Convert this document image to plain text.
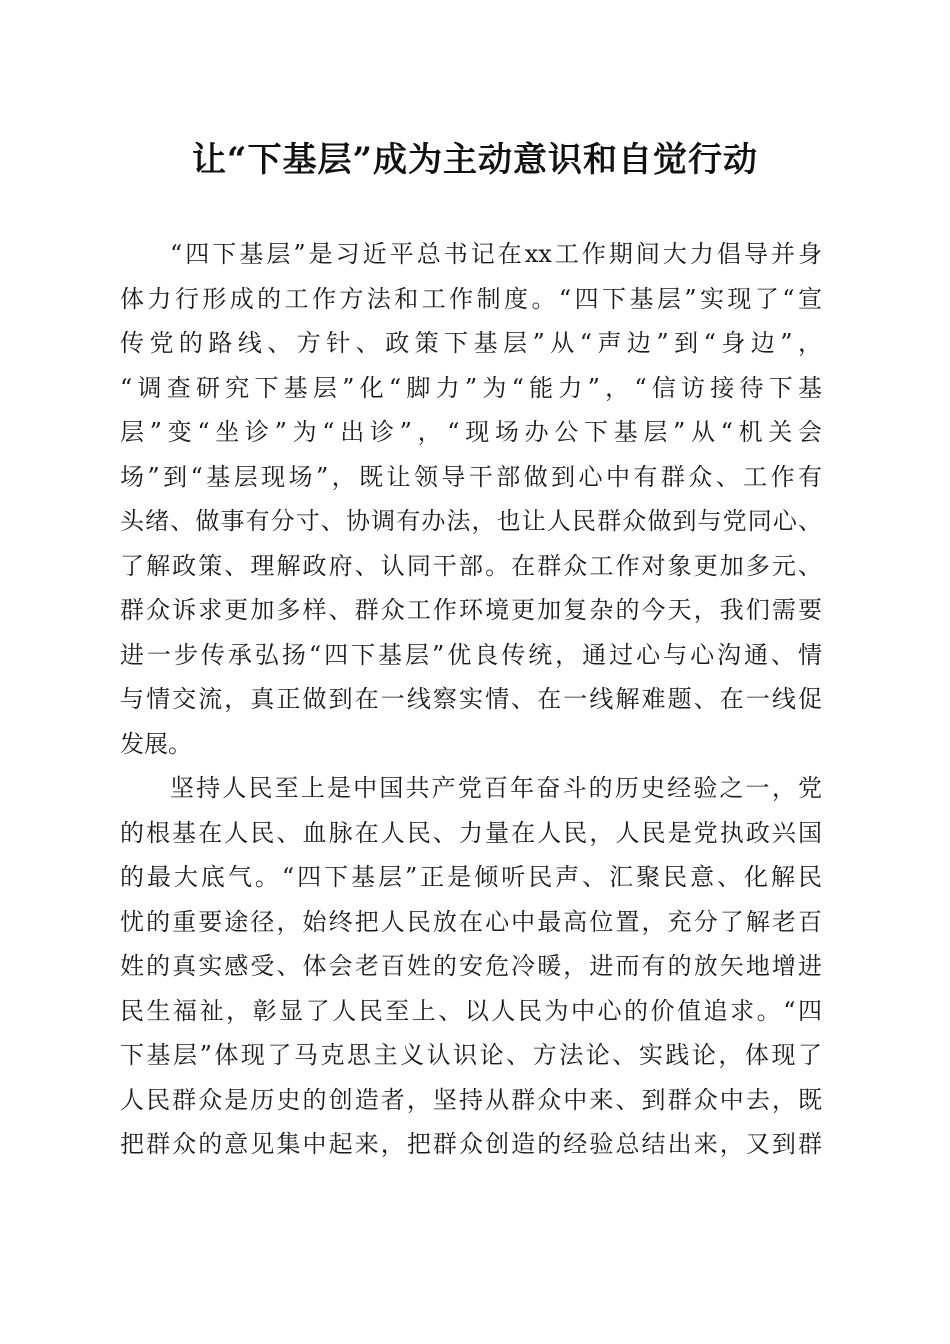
让“下基层”成为主动意识和自觉行动
“四下基层”是习近平总书记在xx工作期间大力倡导并身
体力行形成的工作方法和工作制度。“四下基层”实现了“宣
传党的路线、方针、政策下基层”从“声边”到“身边”，
“调查研究下基层”化“脚力”为“能力”，“信访接待下基
层”变“坐诊”为“出诊”，“现场办公下基层”从“机关会
场”到“基层现场”，既让领导干部做到心中有群众、工作有
头绪、做事有分寸、协调有办法，也让人民群众做到与党同心、
了解政策、理解政府、认同干部。在群众工作对象更加多元、
群众诉求更加多样、群众工作环境更加复杂的今天，我们需要
进一步传承弘扬“四下基层”优良传统，通过心与心沟通、情
与情交流，真正做到在一线察实情、在一线解难题、在一线促
发展。
坚持人民至上是中国共产党百年奋斗的历史经验之一，党
的根基在人民、血脉在人民、力量在人民，人民是党执政兴国
的最大底气。“四下基层”正是倾听民声、汇聚民意、化解民
忧的重要途径，始终把人民放在心中最高位置，充分了解老百
姓的真实感受、体会老百姓的安危冷暖，进而有的放矢地增进
民生福祉，彰显了人民至上、以人民为中心的价值追求。“四
下基层”体现了马克思主义认识论、方法论、实践论，体现了
人民群众是历史的创造者，坚持从群众中来、到群众中去，既
把群众的意见集中起来，把群众创造的经验总结出来，又到群
